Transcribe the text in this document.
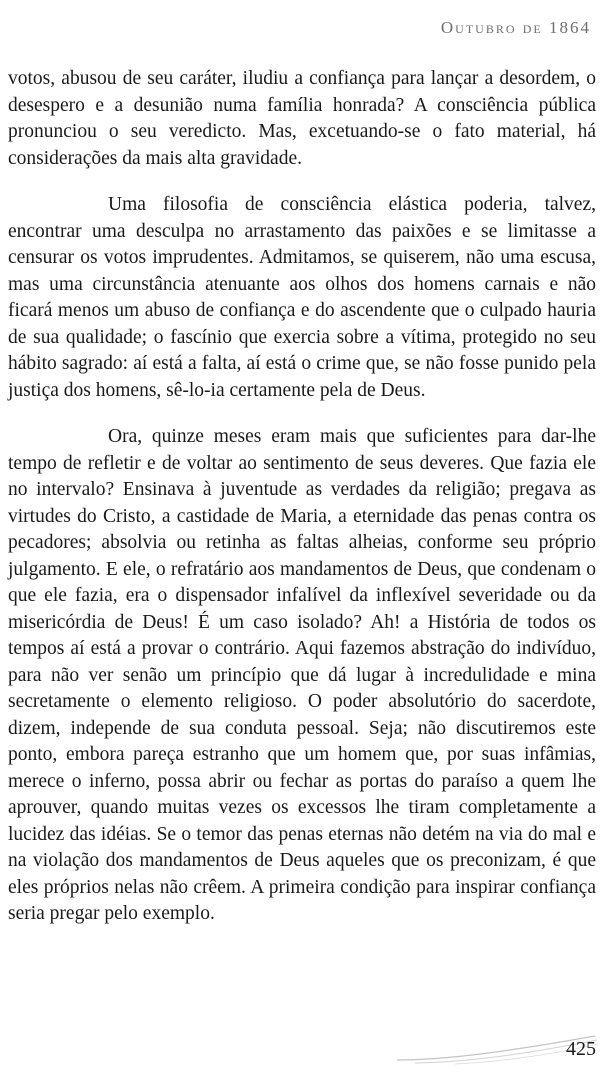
Outubro de 1864

votos, abusou de seu caráter, iludiu a confiança para lançar a desordem, o desespero e a desunião numa família honrada? A consciência pública pronunciou o seu veredicto. Mas, excetuando-se o fato material, há considerações da mais alta gravidade.

Uma filosofia de consciência elástica poderia, talvez, encontrar uma desculpa no arrastamento das paixões e se limitasse a censurar os votos imprudentes. Admitamos, se quiserem, não uma escusa, mas uma circunstância atenuante aos olhos dos homens carnais e não ficará menos um abuso de confiança e do ascendente que o culpado hauria de sua qualidade; o fascínio que exercia sobre a vítima, protegido no seu hábito sagrado: aí está a falta, aí está o crime que, se não fosse punido pela justiça dos homens, sê-lo-ia certamente pela de Deus.

Ora, quinze meses eram mais que suficientes para dar-lhe tempo de refletir e de voltar ao sentimento de seus deveres. Que fazia ele no intervalo? Ensinava à juventude as verdades da religião; pregava as virtudes do Cristo, a castidade de Maria, a eternidade das penas contra os pecadores; absolvia ou retinha as faltas alheias, conforme seu próprio julgamento. E ele, o refratário aos mandamentos de Deus, que condenam o que ele fazia, era o dispensador infalível da inflexível severidade ou da misericórdia de Deus! É um caso isolado? Ah! a História de todos os tempos aí está a provar o contrário. Aqui fazemos abstração do indivíduo, para não ver senão um princípio que dá lugar à incredulidade e mina secretamente o elemento religioso. O poder absolutório do sacerdote, dizem, independe de sua conduta pessoal. Seja; não discutiremos este ponto, embora pareça estranho que um homem que, por suas infâmias, merece o inferno, possa abrir ou fechar as portas do paraíso a quem lhe aprouver, quando muitas vezes os excessos lhe tiram completamente a lucidez das idéias. Se o temor das penas eternas não detém na via do mal e na violação dos mandamentos de Deus aqueles que os preconizam, é que eles próprios nelas não crêem. A primeira condição para inspirar confiança seria pregar pelo exemplo.

425
